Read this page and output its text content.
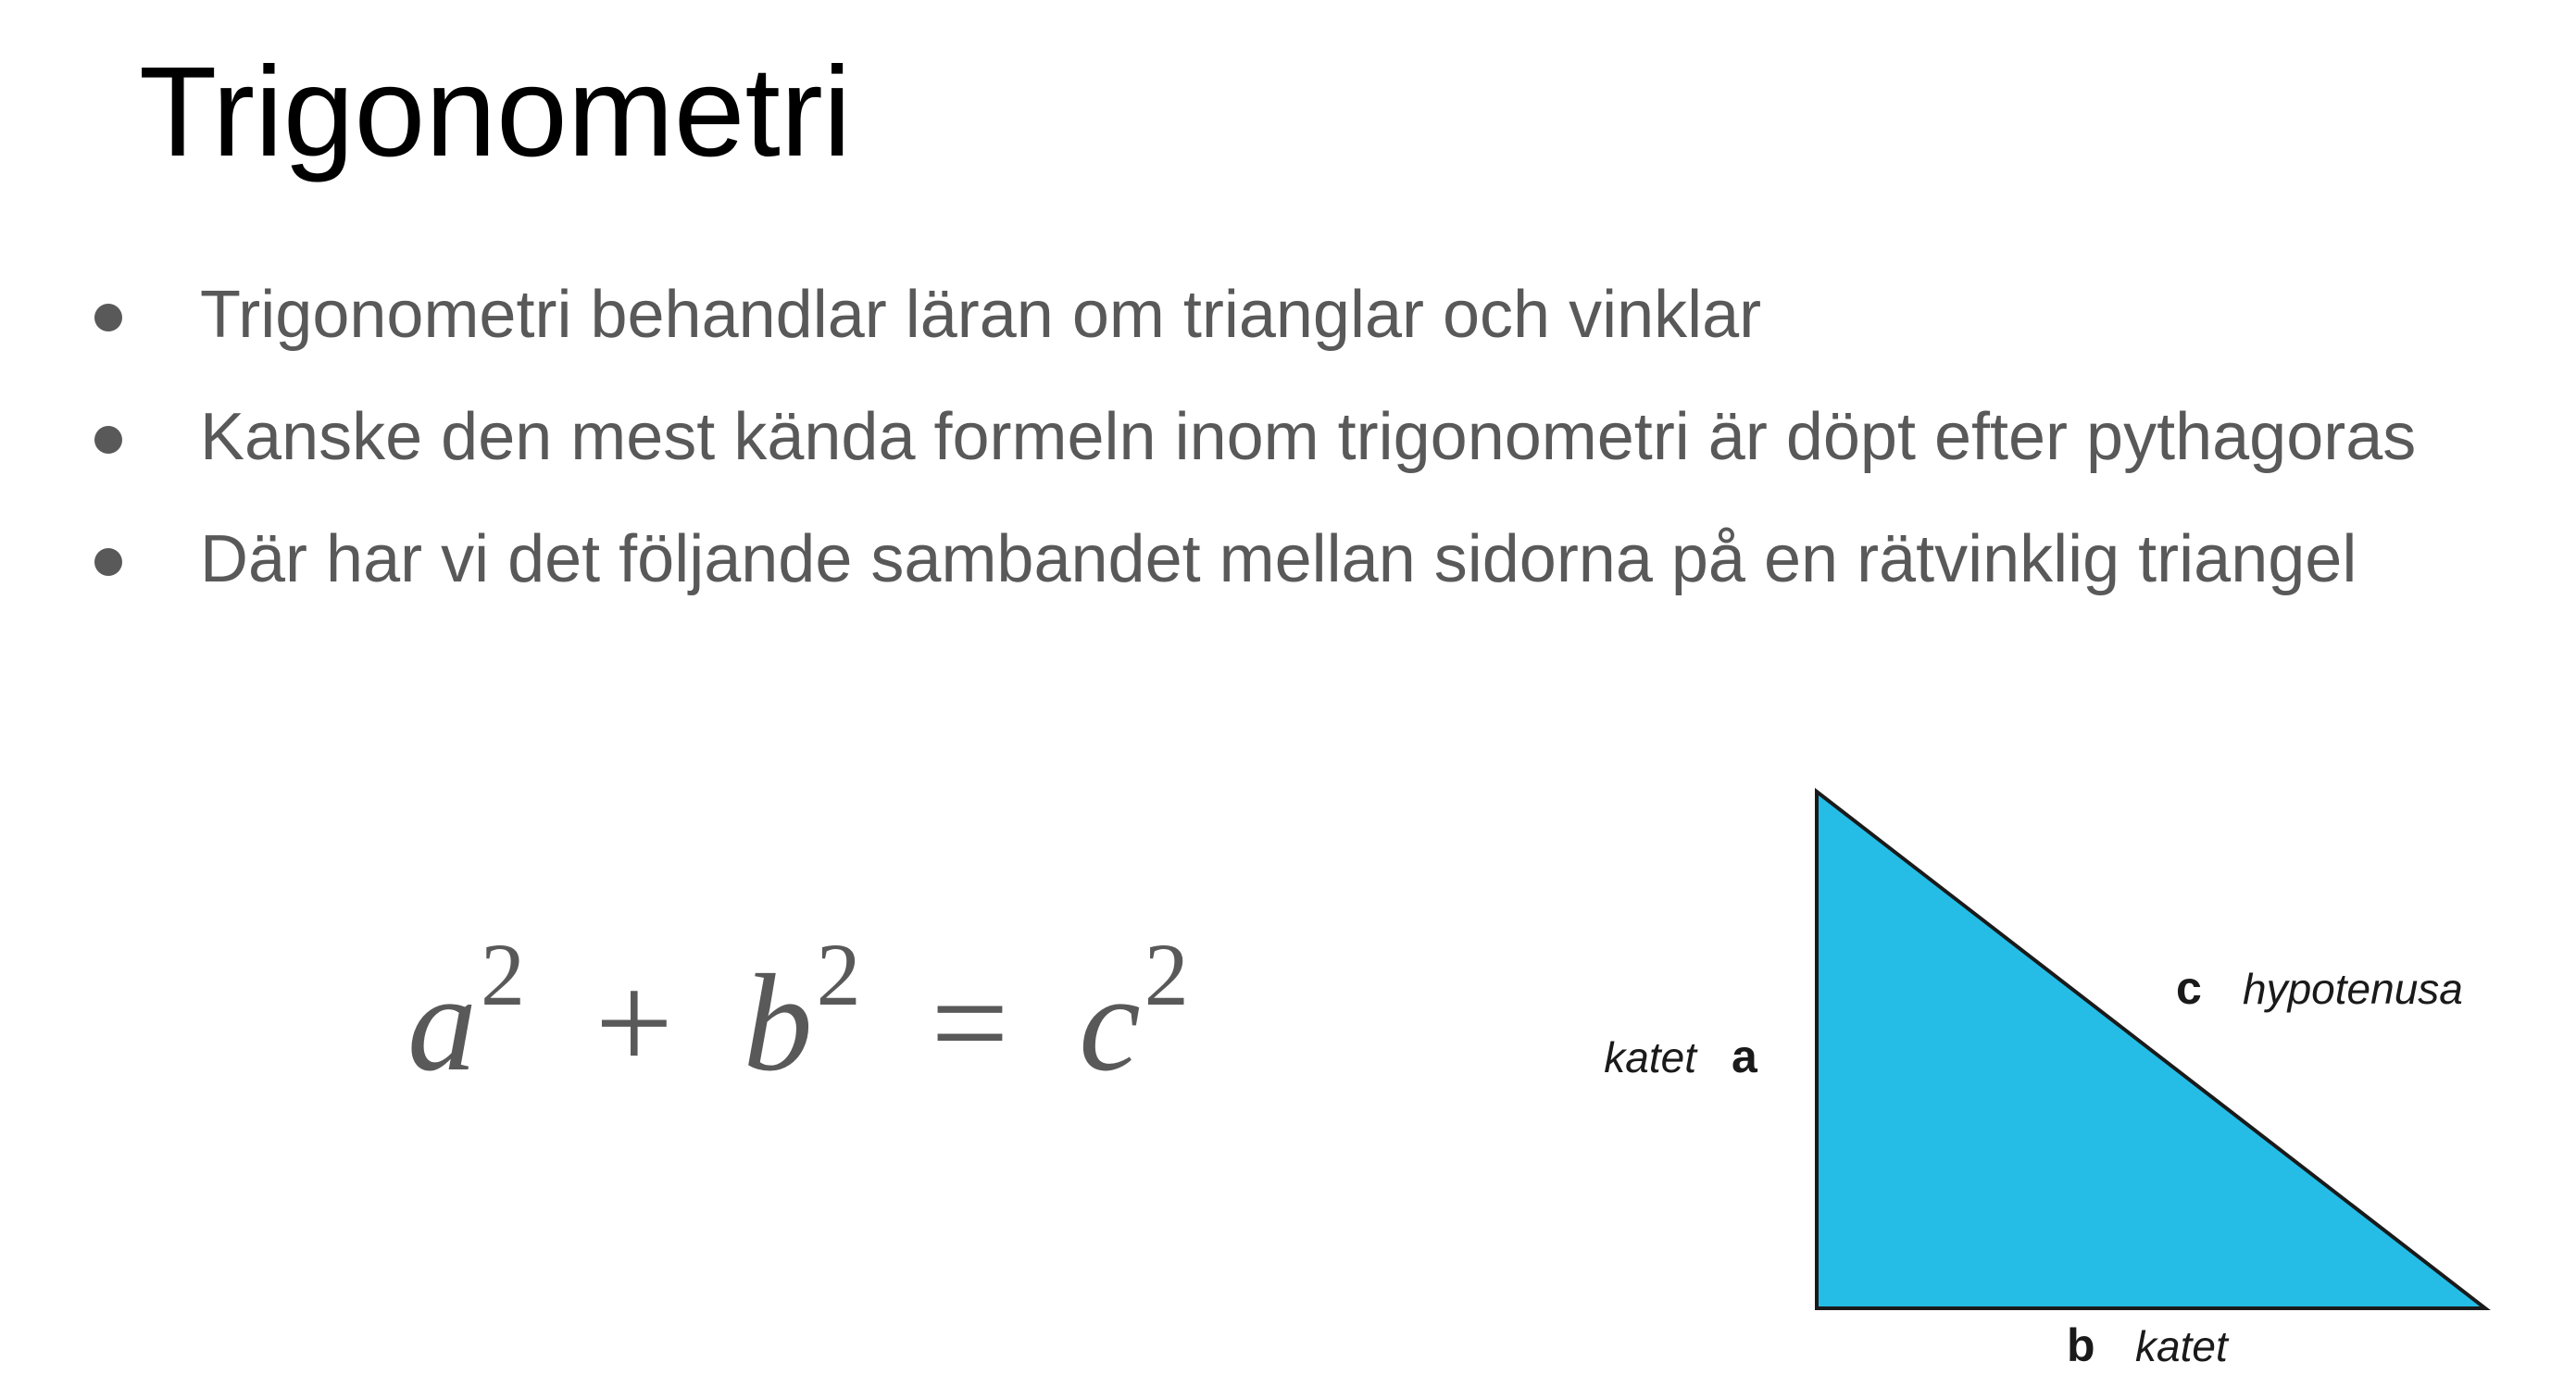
Trigonometri
Trigonometri behandlar läran om trianglar och vinklar
Kanske den mest kända formeln inom trigonometri är döpt efter pythagoras
Där har vi det följande sambandet mellan sidorna på en rätvinklig triangel
$a^2 + b^2 = c^2$
katet a
c hypotenusa
b katet
